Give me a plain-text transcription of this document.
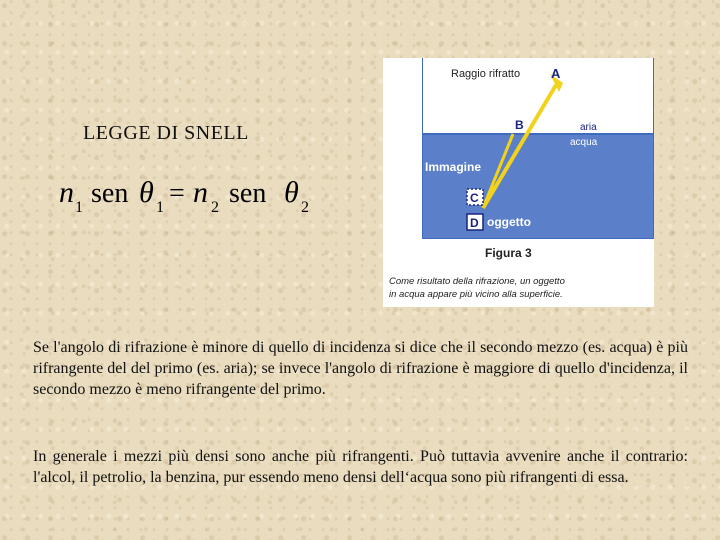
LEGGE DI SNELL
n 1 sen θ 1 = n 2 sen θ 2
Raggio rifratto A
B	aria
acqua
Immagine
C
D oggetto
Figura 3
Come risultato della rifrazione, un oggetto
in acqua appare più vicino alla superficie.

Se l'angolo di rifrazione è minore di quello di incidenza si dice che il secondo mezzo (es. acqua) è più rifrangente del del primo (es. aria); se invece l'angolo di rifrazione è maggiore di quello d'incidenza, il secondo mezzo è meno rifrangente del primo.

In generale i mezzi più densi sono anche più rifrangenti. Può tuttavia avvenire anche il contrario: l'alcol, il petrolio, la benzina, pur essendo meno densi dell‘acqua sono più rifrangenti di essa.
